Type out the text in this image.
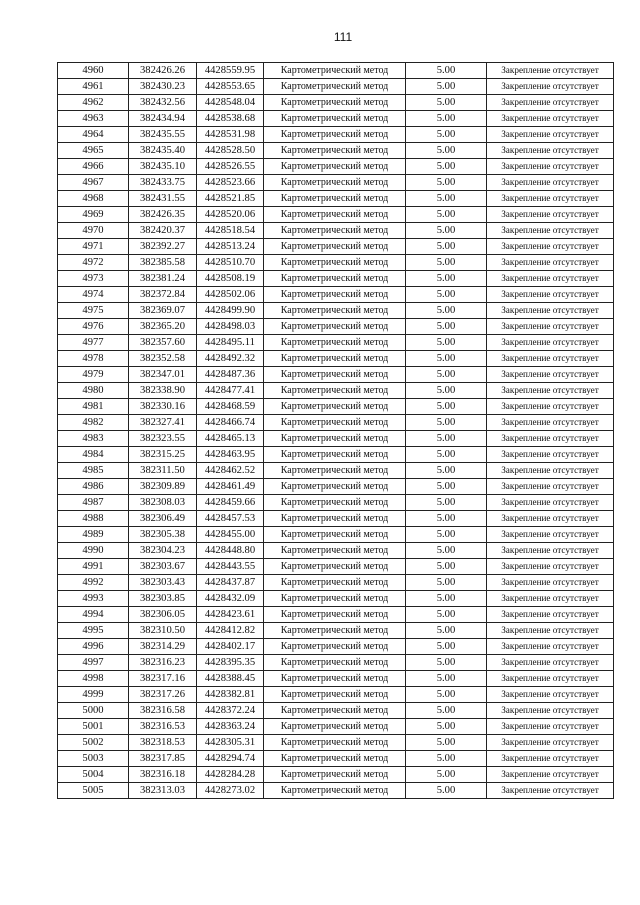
111
4960	382426.26	4428559.95	Картометрический метод	5.00	Закрепление отсутствует
4961	382430.23	4428553.65	Картометрический метод	5.00	Закрепление отсутствует
4962	382432.56	4428548.04	Картометрический метод	5.00	Закрепление отсутствует
4963	382434.94	4428538.68	Картометрический метод	5.00	Закрепление отсутствует
4964	382435.55	4428531.98	Картометрический метод	5.00	Закрепление отсутствует
4965	382435.40	4428528.50	Картометрический метод	5.00	Закрепление отсутствует
4966	382435.10	4428526.55	Картометрический метод	5.00	Закрепление отсутствует
4967	382433.75	4428523.66	Картометрический метод	5.00	Закрепление отсутствует
4968	382431.55	4428521.85	Картометрический метод	5.00	Закрепление отсутствует
4969	382426.35	4428520.06	Картометрический метод	5.00	Закрепление отсутствует
4970	382420.37	4428518.54	Картометрический метод	5.00	Закрепление отсутствует
4971	382392.27	4428513.24	Картометрический метод	5.00	Закрепление отсутствует
4972	382385.58	4428510.70	Картометрический метод	5.00	Закрепление отсутствует
4973	382381.24	4428508.19	Картометрический метод	5.00	Закрепление отсутствует
4974	382372.84	4428502.06	Картометрический метод	5.00	Закрепление отсутствует
4975	382369.07	4428499.90	Картометрический метод	5.00	Закрепление отсутствует
4976	382365.20	4428498.03	Картометрический метод	5.00	Закрепление отсутствует
4977	382357.60	4428495.11	Картометрический метод	5.00	Закрепление отсутствует
4978	382352.58	4428492.32	Картометрический метод	5.00	Закрепление отсутствует
4979	382347.01	4428487.36	Картометрический метод	5.00	Закрепление отсутствует
4980	382338.90	4428477.41	Картометрический метод	5.00	Закрепление отсутствует
4981	382330.16	4428468.59	Картометрический метод	5.00	Закрепление отсутствует
4982	382327.41	4428466.74	Картометрический метод	5.00	Закрепление отсутствует
4983	382323.55	4428465.13	Картометрический метод	5.00	Закрепление отсутствует
4984	382315.25	4428463.95	Картометрический метод	5.00	Закрепление отсутствует
4985	382311.50	4428462.52	Картометрический метод	5.00	Закрепление отсутствует
4986	382309.89	4428461.49	Картометрический метод	5.00	Закрепление отсутствует
4987	382308.03	4428459.66	Картометрический метод	5.00	Закрепление отсутствует
4988	382306.49	4428457.53	Картометрический метод	5.00	Закрепление отсутствует
4989	382305.38	4428455.00	Картометрический метод	5.00	Закрепление отсутствует
4990	382304.23	4428448.80	Картометрический метод	5.00	Закрепление отсутствует
4991	382303.67	4428443.55	Картометрический метод	5.00	Закрепление отсутствует
4992	382303.43	4428437.87	Картометрический метод	5.00	Закрепление отсутствует
4993	382303.85	4428432.09	Картометрический метод	5.00	Закрепление отсутствует
4994	382306.05	4428423.61	Картометрический метод	5.00	Закрепление отсутствует
4995	382310.50	4428412.82	Картометрический метод	5.00	Закрепление отсутствует
4996	382314.29	4428402.17	Картометрический метод	5.00	Закрепление отсутствует
4997	382316.23	4428395.35	Картометрический метод	5.00	Закрепление отсутствует
4998	382317.16	4428388.45	Картометрический метод	5.00	Закрепление отсутствует
4999	382317.26	4428382.81	Картометрический метод	5.00	Закрепление отсутствует
5000	382316.58	4428372.24	Картометрический метод	5.00	Закрепление отсутствует
5001	382316.53	4428363.24	Картометрический метод	5.00	Закрепление отсутствует
5002	382318.53	4428305.31	Картометрический метод	5.00	Закрепление отсутствует
5003	382317.85	4428294.74	Картометрический метод	5.00	Закрепление отсутствует
5004	382316.18	4428284.28	Картометрический метод	5.00	Закрепление отсутствует
5005	382313.03	4428273.02	Картометрический метод	5.00	Закрепление отсутствует
